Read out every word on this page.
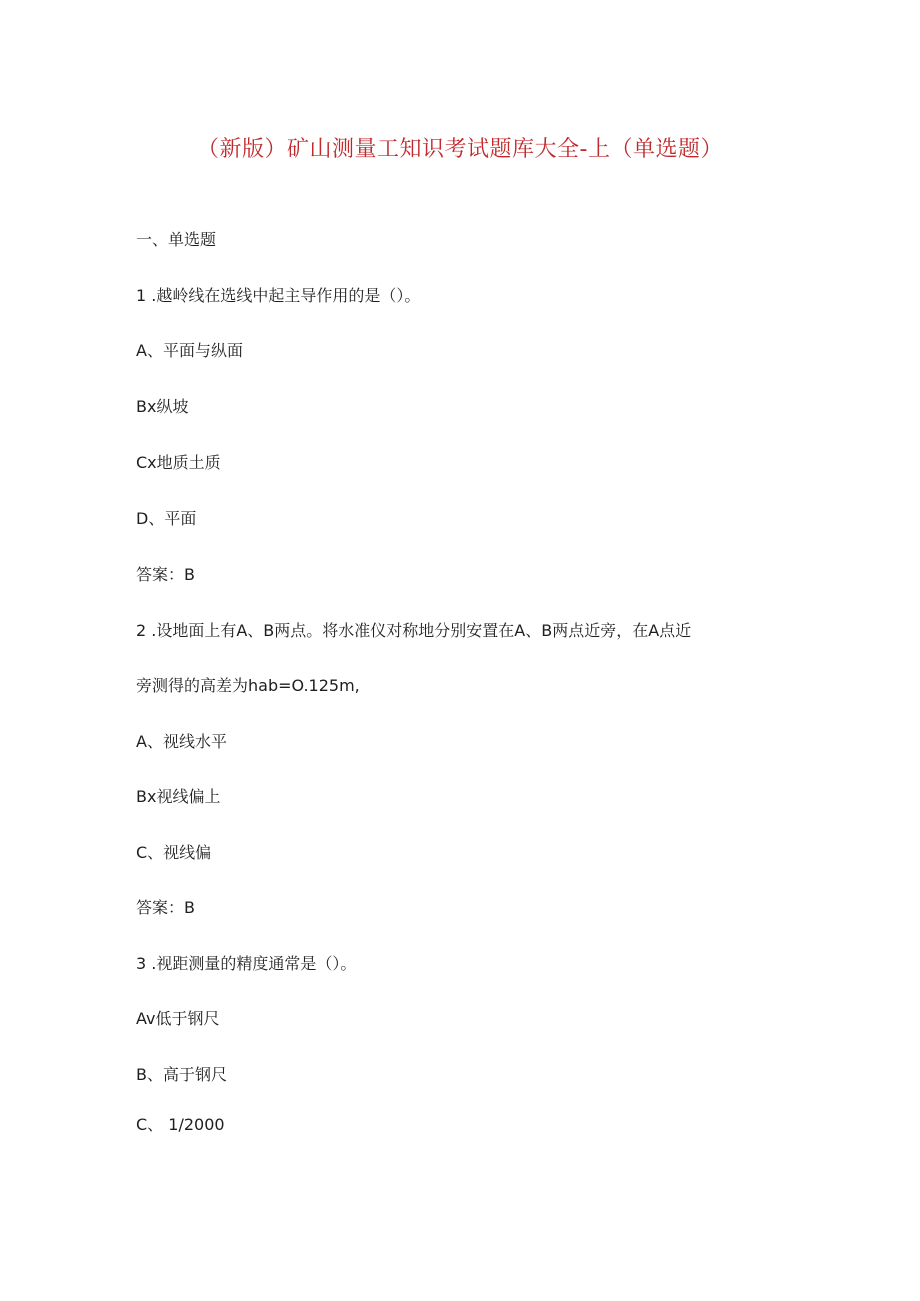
（新版）矿山测量工知识考试题库大全-上（单选题）
一、单选题
1 .越岭线在选线中起主导作用的是（）。
A、平面与纵面
Bx纵坡
Cx地质土质
D、平面
答案：B
2 .设地面上有A、B两点。将水准仪对称地分别安置在A、B两点近旁，在A点近
旁测得的高差为hab=O.125m,
A、视线水平
Bx视线偏上
C、视线偏
答案：B
3 .视距测量的精度通常是（）。
Av低于钢尺
B、高于钢尺
C、 1/2000
